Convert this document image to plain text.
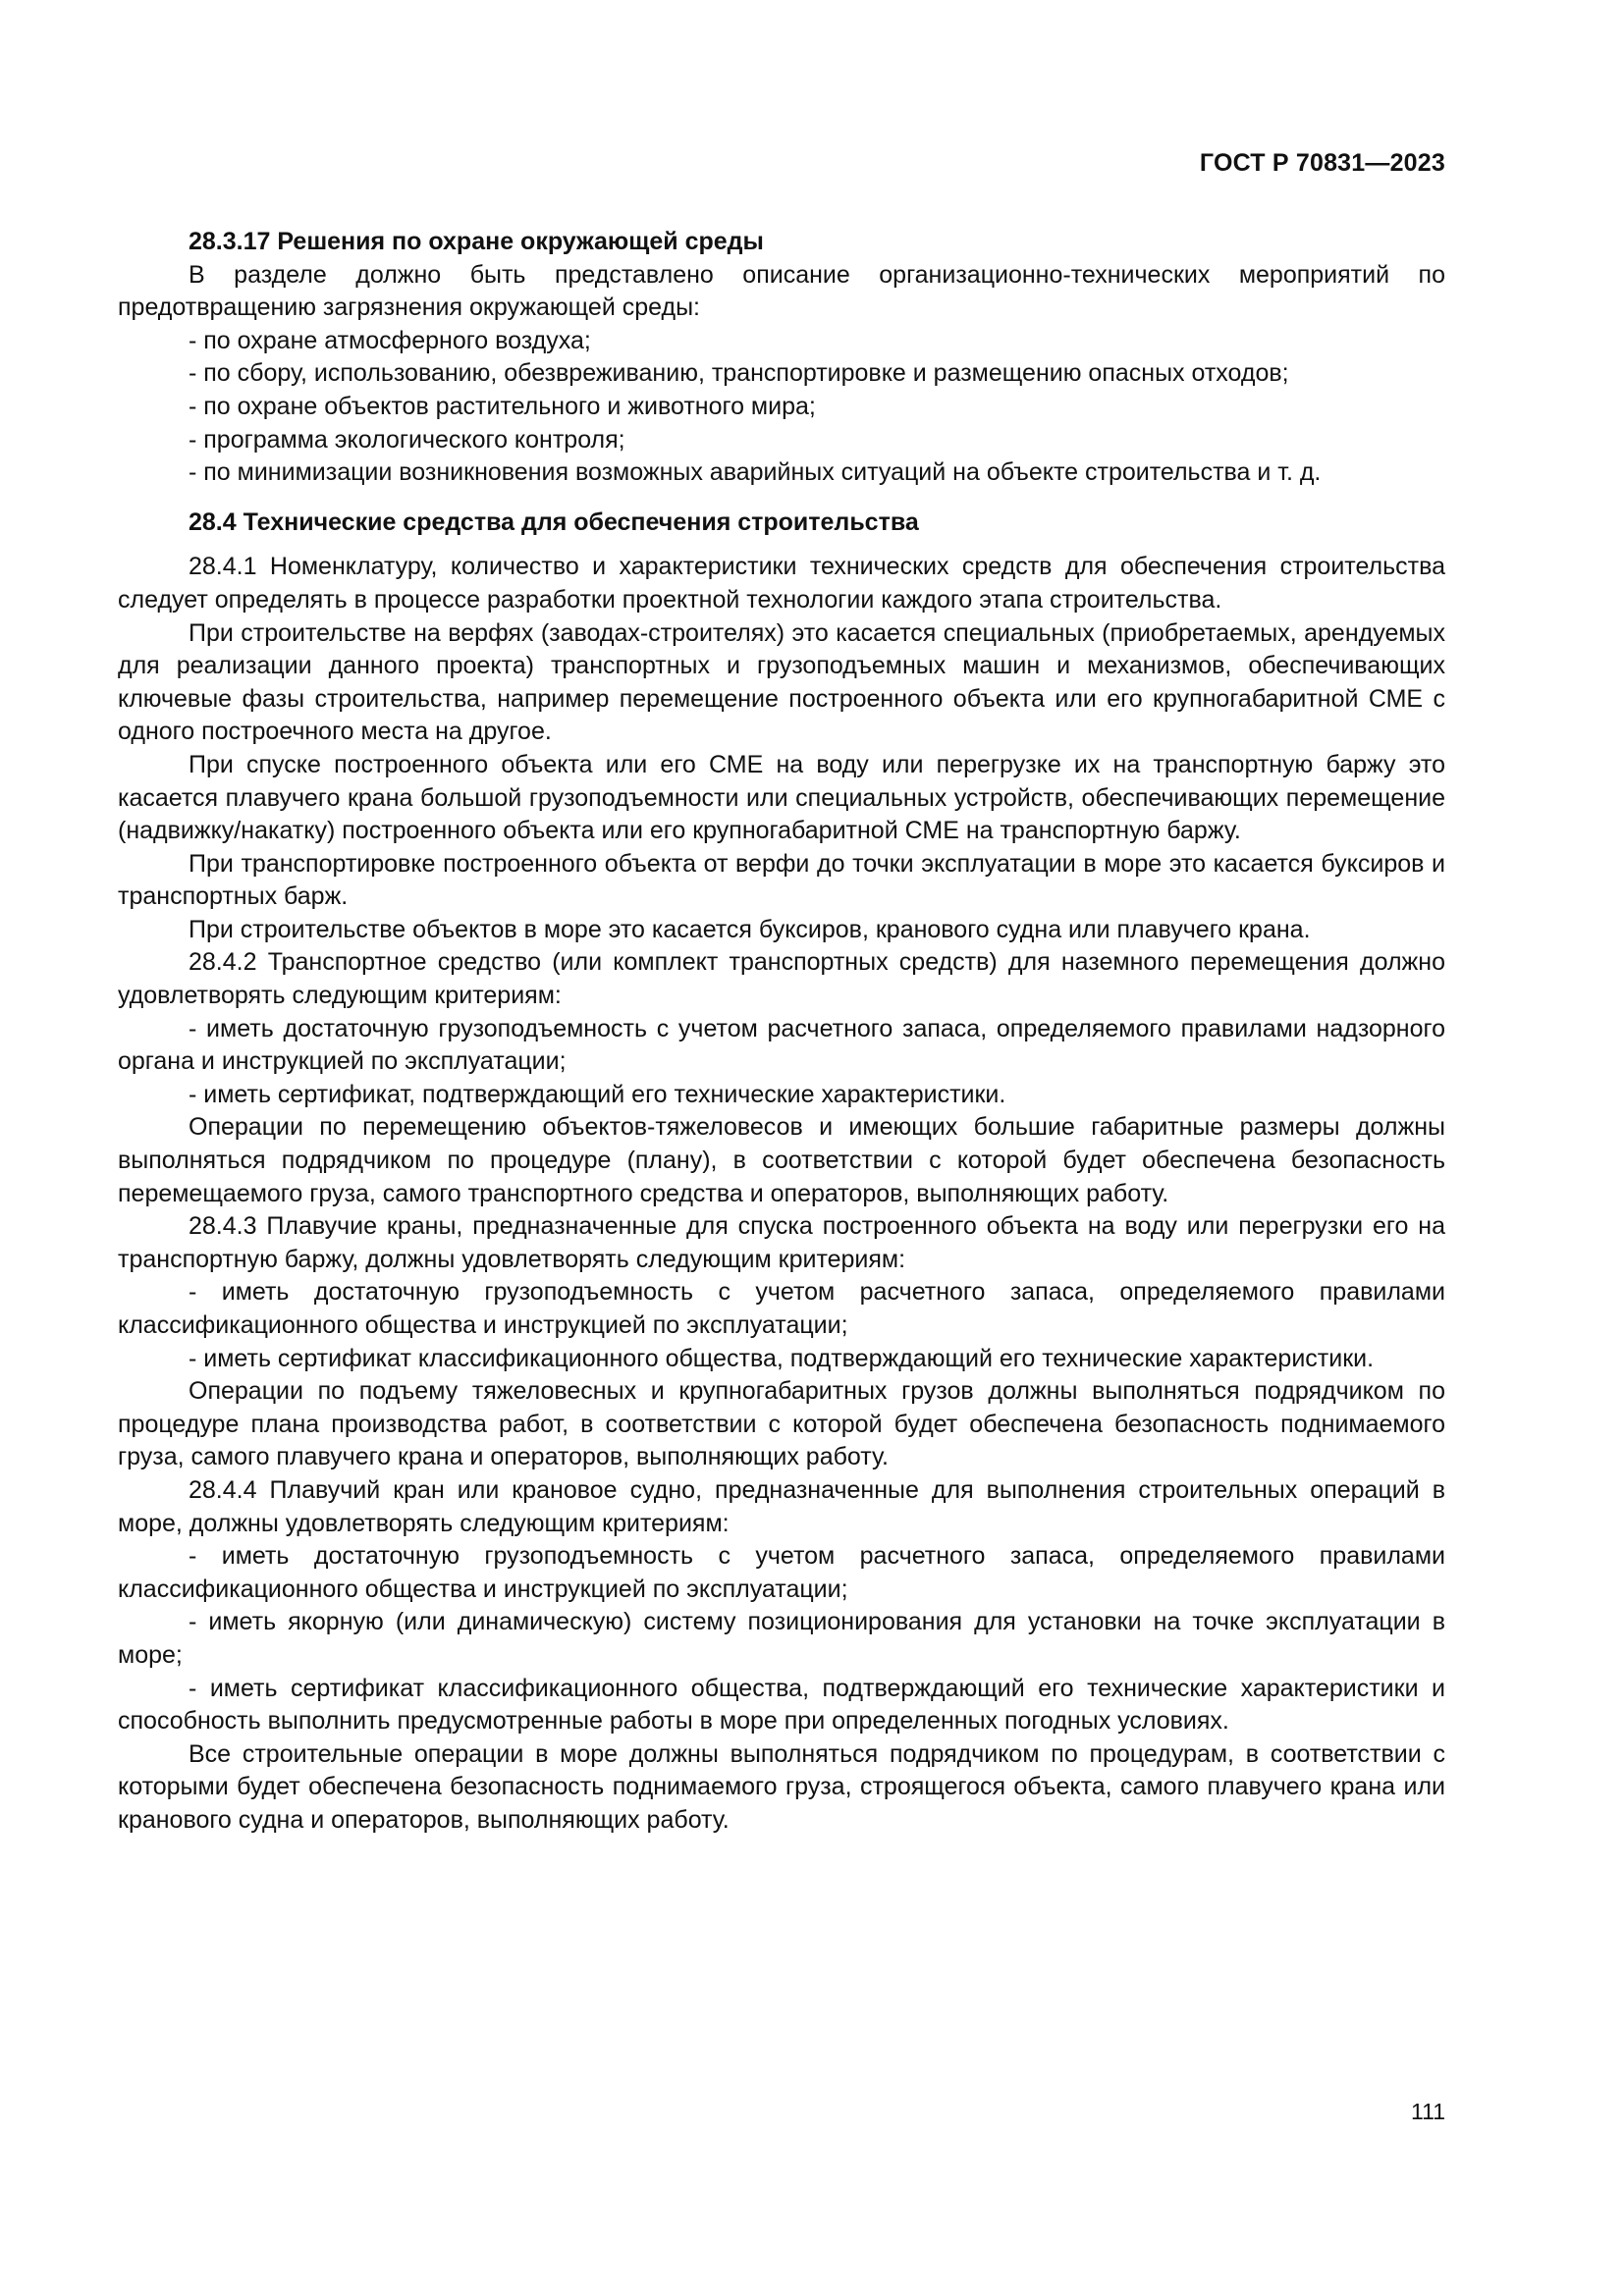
ГОСТ Р 70831—2023

28.3.17 Решения по охране окружающей среды

В разделе должно быть представлено описание организационно-технических мероприятий по предотвращению загрязнения окружающей среды:

- по охране атмосферного воздуха;

- по сбору, использованию, обезвреживанию, транспортировке и размещению опасных отходов;

- по охране объектов растительного и животного мира;

- программа экологического контроля;

- по минимизации возникновения возможных аварийных ситуаций на объекте строительства и т. д.

28.4 Технические средства для обеспечения строительства

28.4.1 Номенклатуру, количество и характеристики технических средств для обеспечения строительства следует определять в процессе разработки проектной технологии каждого этапа строительства.

При строительстве на верфях (заводах-строителях) это касается специальных (приобретаемых, арендуемых для реализации данного проекта) транспортных и грузоподъемных машин и механизмов, обеспечивающих ключевые фазы строительства, например перемещение построенного объекта или его крупногабаритной СМЕ с одного построечного места на другое.

При спуске построенного объекта или его СМЕ на воду или перегрузке их на транспортную баржу это касается плавучего крана большой грузоподъемности или специальных устройств, обеспечивающих перемещение (надвижку/накатку) построенного объекта или его крупногабаритной СМЕ на транспортную баржу.

При транспортировке построенного объекта от верфи до точки эксплуатации в море это касается буксиров и транспортных барж.

При строительстве объектов в море это касается буксиров, кранового судна или плавучего крана.

28.4.2 Транспортное средство (или комплект транспортных средств) для наземного перемещения должно удовлетворять следующим критериям:

- иметь достаточную грузоподъемность с учетом расчетного запаса, определяемого правилами надзорного органа и инструкцией по эксплуатации;

- иметь сертификат, подтверждающий его технические характеристики.

Операции по перемещению объектов-тяжеловесов и имеющих большие габаритные размеры должны выполняться подрядчиком по процедуре (плану), в соответствии с которой будет обеспечена безопасность перемещаемого груза, самого транспортного средства и операторов, выполняющих работу.

28.4.3 Плавучие краны, предназначенные для спуска построенного объекта на воду или перегрузки его на транспортную баржу, должны удовлетворять следующим критериям:

- иметь достаточную грузоподъемность с учетом расчетного запаса, определяемого правилами классификационного общества и инструкцией по эксплуатации;

- иметь сертификат классификационного общества, подтверждающий его технические характеристики.

Операции по подъему тяжеловесных и крупногабаритных грузов должны выполняться подрядчиком по процедуре плана производства работ, в соответствии с которой будет обеспечена безопасность поднимаемого груза, самого плавучего крана и операторов, выполняющих работу.

28.4.4 Плавучий кран или крановое судно, предназначенные для выполнения строительных операций в море, должны удовлетворять следующим критериям:

- иметь достаточную грузоподъемность с учетом расчетного запаса, определяемого правилами классификационного общества и инструкцией по эксплуатации;

- иметь якорную (или динамическую) систему позиционирования для установки на точке эксплуатации в море;

- иметь сертификат классификационного общества, подтверждающий его технические характеристики и способность выполнить предусмотренные работы в море при определенных погодных условиях.

Все строительные операции в море должны выполняться подрядчиком по процедурам, в соответствии с которыми будет обеспечена безопасность поднимаемого груза, строящегося объекта, самого плавучего крана или кранового судна и операторов, выполняющих работу.

111
